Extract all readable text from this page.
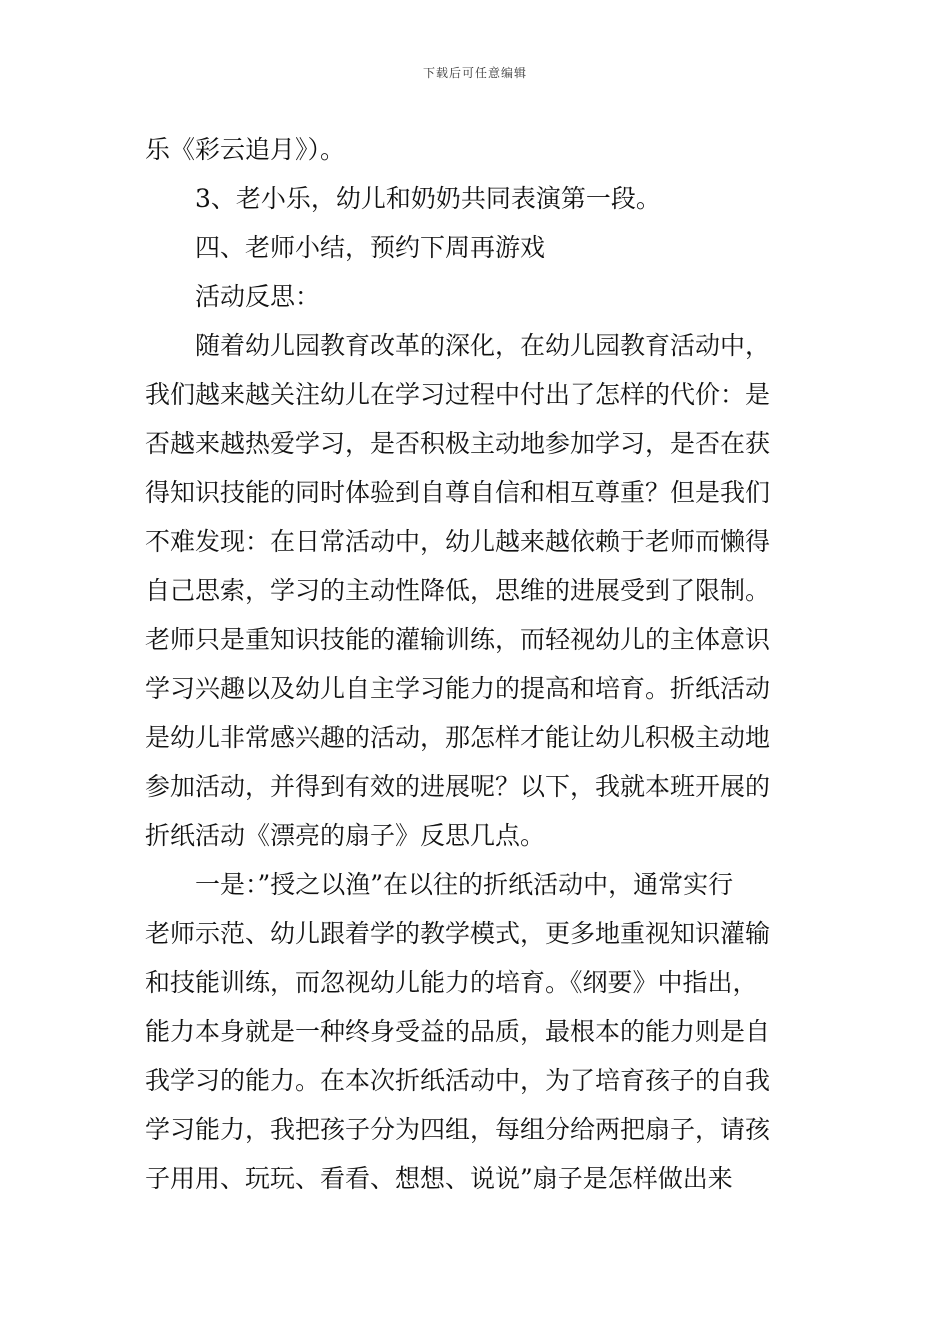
下载后可任意编辑
乐《彩云追月》）。
3、老小乐，幼儿和奶奶共同表演第一段。
四、老师小结，预约下周再游戏
活动反思：
随着幼儿园教育改革的深化，在幼儿园教育活动中，
我们越来越关注幼儿在学习过程中付出了怎样的代价：是
否越来越热爱学习，是否积极主动地参加学习，是否在获
得知识技能的同时体验到自尊自信和相互尊重？但是我们
不难发现：在日常活动中，幼儿越来越依赖于老师而懒得
自己思索，学习的主动性降低，思维的进展受到了限制。
老师只是重知识技能的灌输训练，而轻视幼儿的主体意识
学习兴趣以及幼儿自主学习能力的提高和培育。折纸活动
是幼儿非常感兴趣的活动，那怎样才能让幼儿积极主动地
参加活动，并得到有效的进展呢？以下，我就本班开展的
折纸活动《漂亮的扇子》反思几点。
一是：”授之以渔”在以往的折纸活动中，通常实行
老师示范、幼儿跟着学的教学模式，更多地重视知识灌输
和技能训练，而忽视幼儿能力的培育。《纲要》中指出，
能力本身就是一种终身受益的品质，最根本的能力则是自
我学习的能力。在本次折纸活动中，为了培育孩子的自我
学习能力，我把孩子分为四组，每组分给两把扇子，请孩
子用用、玩玩、看看、想想、说说”扇子是怎样做出来
